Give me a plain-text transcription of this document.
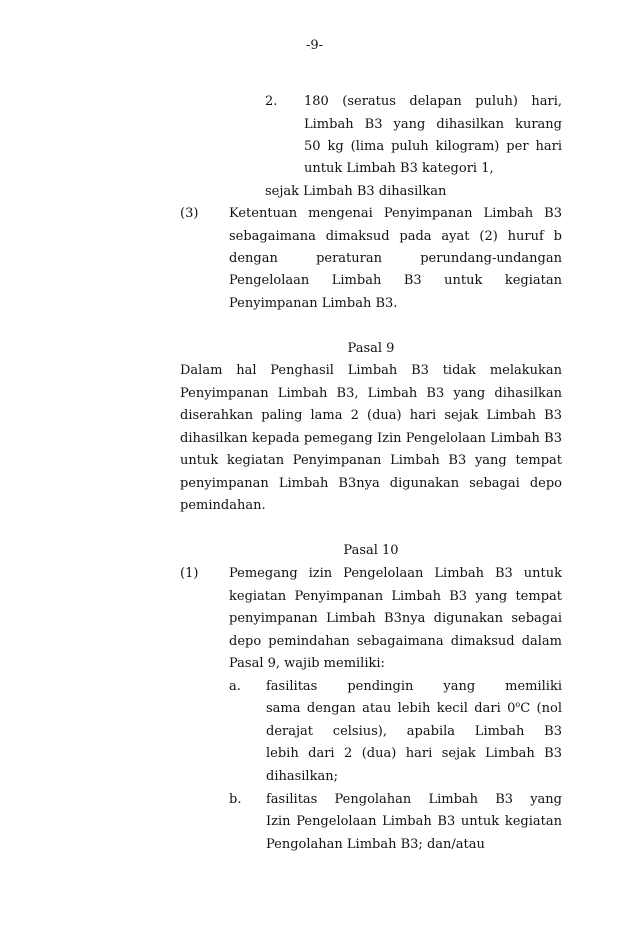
-9-
2. 180 (seratus delapan puluh) hari,
Limbah B3 yang dihasilkan kurang
50 kg (lima puluh kilogram) per hari
untuk Limbah B3 kategori 1,
sejak Limbah B3 dihasilkan
(3) Ketentuan mengenai Penyimpanan Limbah B3
sebagaimana dimaksud pada ayat (2) huruf b
dengan peraturan perundang-undangan
Pengelolaan Limbah B3 untuk kegiatan
Penyimpanan Limbah B3.
Pasal 9
Dalam hal Penghasil Limbah B3 tidak melakukan
Penyimpanan Limbah B3, Limbah B3 yang dihasilkan
diserahkan paling lama 2 (dua) hari sejak Limbah B3
dihasilkan kepada pemegang Izin Pengelolaan Limbah B3
untuk kegiatan Penyimpanan Limbah B3 yang tempat
penyimpanan Limbah B3nya digunakan sebagai depo
pemindahan.
Pasal 10
(1) Pemegang izin Pengelolaan Limbah B3 untuk
kegiatan Penyimpanan Limbah B3 yang tempat
penyimpanan Limbah B3nya digunakan sebagai
depo pemindahan sebagaimana dimaksud dalam
Pasal 9, wajib memiliki:
a. fasilitas pendingin yang memiliki
sama dengan atau lebih kecil dari 0$^o$C (nol
derajat celsius), apabila Limbah B3
lebih dari 2 (dua) hari sejak Limbah B3
dihasilkan;
b. fasilitas Pengolahan Limbah B3 yang
Izin Pengelolaan Limbah B3 untuk kegiatan
Pengolahan Limbah B3; dan/atau
